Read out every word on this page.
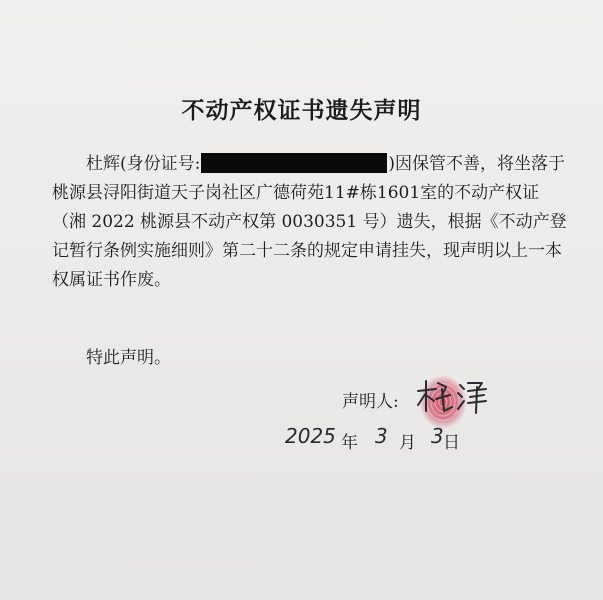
不动产权证书遗失声明
杜辉(身份证号:	)因保管不善，将坐落于桃源县浔阳街道天子岗社区广德荷苑11#栋1601室的不动产权证（湘 2022 桃源县不动产权第 0030351 号）遗失，根据《不动产登记暂行条例实施细则》第二十二条的规定申请挂失，现声明以上一本权属证书作废。
特此声明。
声明人:
2025 年 3 月 3 日
